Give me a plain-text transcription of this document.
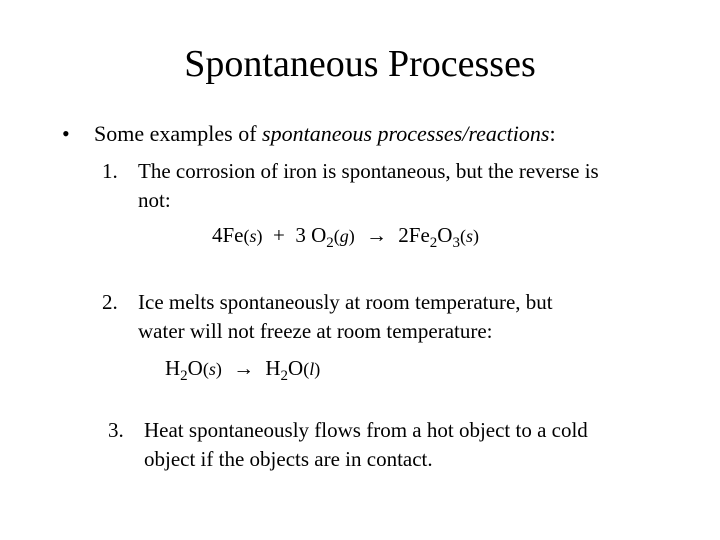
Spontaneous Processes
• Some examples of spontaneous processes/reactions:
1. The corrosion of iron is spontaneous, but the reverse is
not:
4Fe(s) + 3 $O_2(g) \to 2Fe_2O_3(s)$
2. Ice melts spontaneously at room temperature, but
water will not freeze at room temperature:
$H_2O(s) \to H_2O(l)$
3. Heat spontaneously flows from a hot object to a cold
object if the objects are in contact.
